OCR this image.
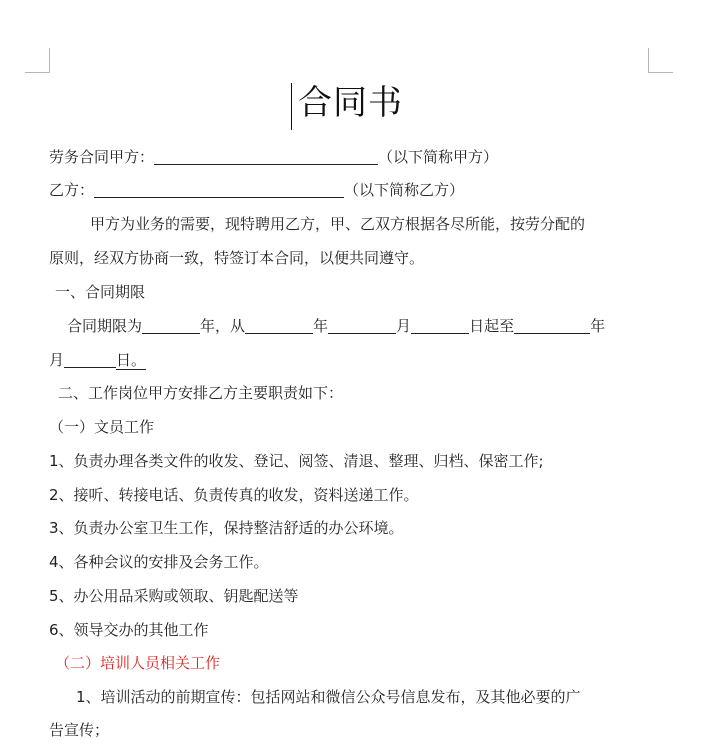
合同书
劳务合同甲方：	（以下简称甲方）
乙方：	（以下简称乙方）
甲方为业务的需要，现特聘用乙方，甲、乙双方根据各尽所能，按劳分配的
原则，经双方协商一致，特签订本合同，以便共同遵守。
一、合同期限
合同期限为	年，从	年	月	日起至	年
月	日。
二、工作岗位甲方安排乙方主要职责如下：
（一）文员工作
1、负责办理各类文件的收发、登记、阅签、清退、整理、归档、保密工作;
2、接听、转接电话、负责传真的收发，资料送递工作。
3、负责办公室卫生工作，保持整洁舒适的办公环境。
4、各种会议的安排及会务工作。
5、办公用品采购或领取、钥匙配送等
6、领导交办的其他工作
（二）培训人员相关工作
1、培训活动的前期宣传：包括网站和微信公众号信息发布，及其他必要的广
告宣传；
